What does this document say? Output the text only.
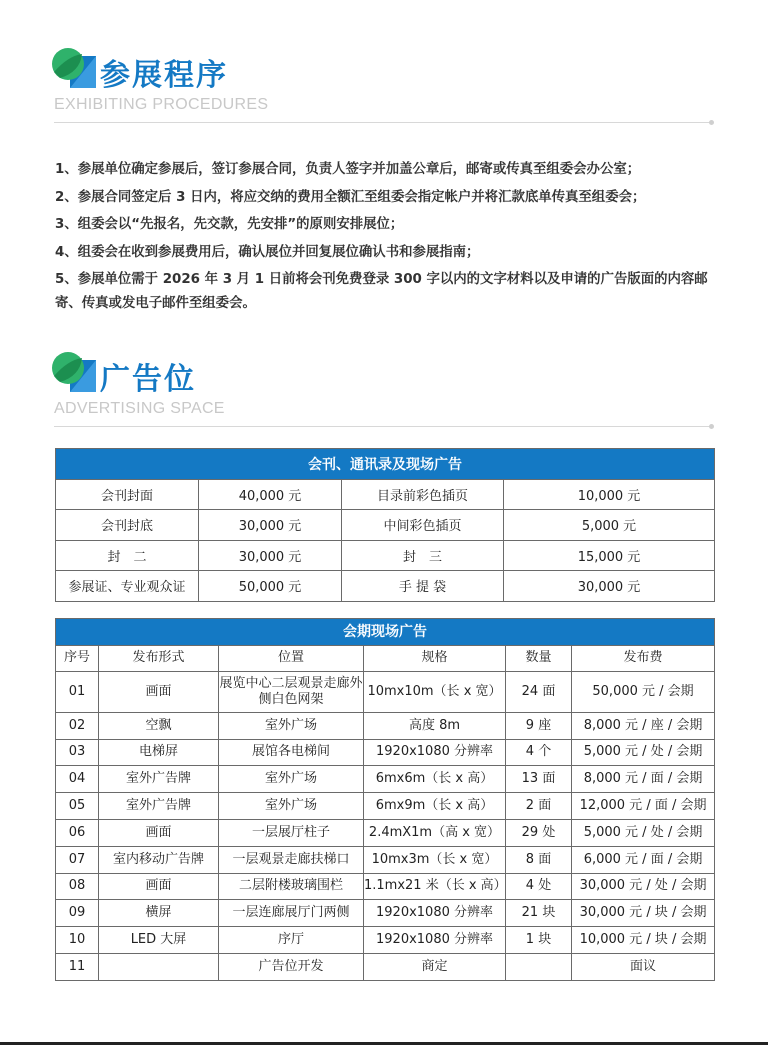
参展程序
EXHIBITING PROCEDURES
1、参展单位确定参展后，签订参展合同，负责人签字并加盖公章后，邮寄或传真至组委会办公室；
2、参展合同签定后 3 日内，将应交纳的费用全额汇至组委会指定帐户并将汇款底单传真至组委会；
3、组委会以“先报名，先交款，先安排”的原则安排展位；
4、组委会在收到参展费用后，确认展位并回复展位确认书和参展指南；
5、参展单位需于 2026 年 3 月 1 日前将会刊免费登录 300 字以内的文字材料以及申请的广告版面的内容邮寄、传真或发电子邮件至组委会。
广告位
ADVERTISING SPACE
会刊、通讯录及现场广告			
会刊封面	40,000 元	目录前彩色插页	10,000 元
会刊封底	30,000 元	中间彩色插页	5,000 元
封　二	30,000 元	封　三	15,000 元
参展证、专业观众证	50,000 元	手 提 袋	30,000 元
会期现场广告					
序号	发布形式	位置	规格	数量	发布费
01	画面	展览中心二层观景走廊外侧白色网架	10mx10m（长 x 宽）	24 面	50,000 元 / 会期
02	空飘	室外广场	高度 8m	9 座	8,000 元 / 座 / 会期
03	电梯屏	展馆各电梯间	1920x1080 分辨率	4 个	5,000 元 / 处 / 会期
04	室外广告牌	室外广场	6mx6m（长 x 高）	13 面	8,000 元 / 面 / 会期
05	室外广告牌	室外广场	6mx9m（长 x 高）	2 面	12,000 元 / 面 / 会期
06	画面	一层展厅柱子	2.4mX1m（高 x 宽）	29 处	5,000 元 / 处 / 会期
07	室内移动广告牌	一层观景走廊扶梯口	10mx3m（长 x 宽）	8 面	6,000 元 / 面 / 会期
08	画面	二层附楼玻璃围栏	1.1mx21 米（长 x 高）	4 处	30,000 元 / 处 / 会期
09	横屏	一层连廊展厅门两侧	1920x1080 分辨率	21 块	30,000 元 / 块 / 会期
10	LED 大屏	序厅	1920x1080 分辨率	1 块	10,000 元 / 块 / 会期
11		广告位开发	商定		面议
